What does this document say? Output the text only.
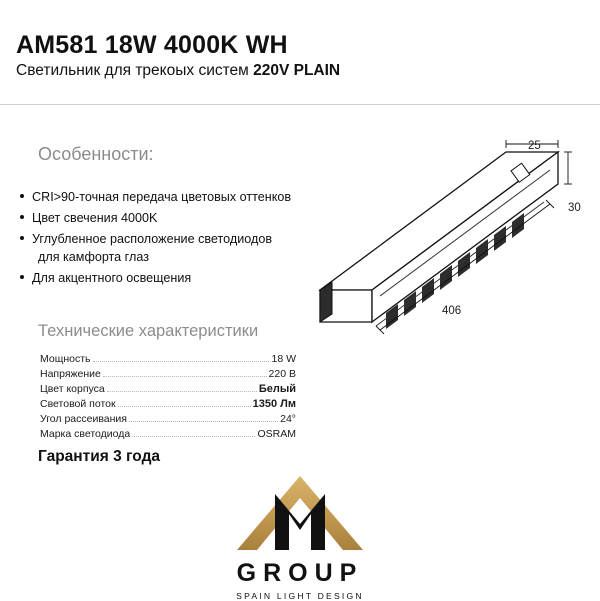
AM581 18W 4000K WH
Светильник для трекоых систем 220V PLAIN
Особенности:
CRI>90-точная передача цветовых оттенков
Цвет свечения 4000K
Углубленное расположение светодиодов
для камфорта глаз
Для акцентного освещения
Технические характеристики
Мощность	18 W
Напряжение	220 В
Цвет корпуса	Белый
Световой поток	1350 Лм
Угол рассеивания	24°
Марка светодиода	OSRAM
Гарантия 3 года
25
30
406
GROUP
SPAIN LIGHT DESIGN
